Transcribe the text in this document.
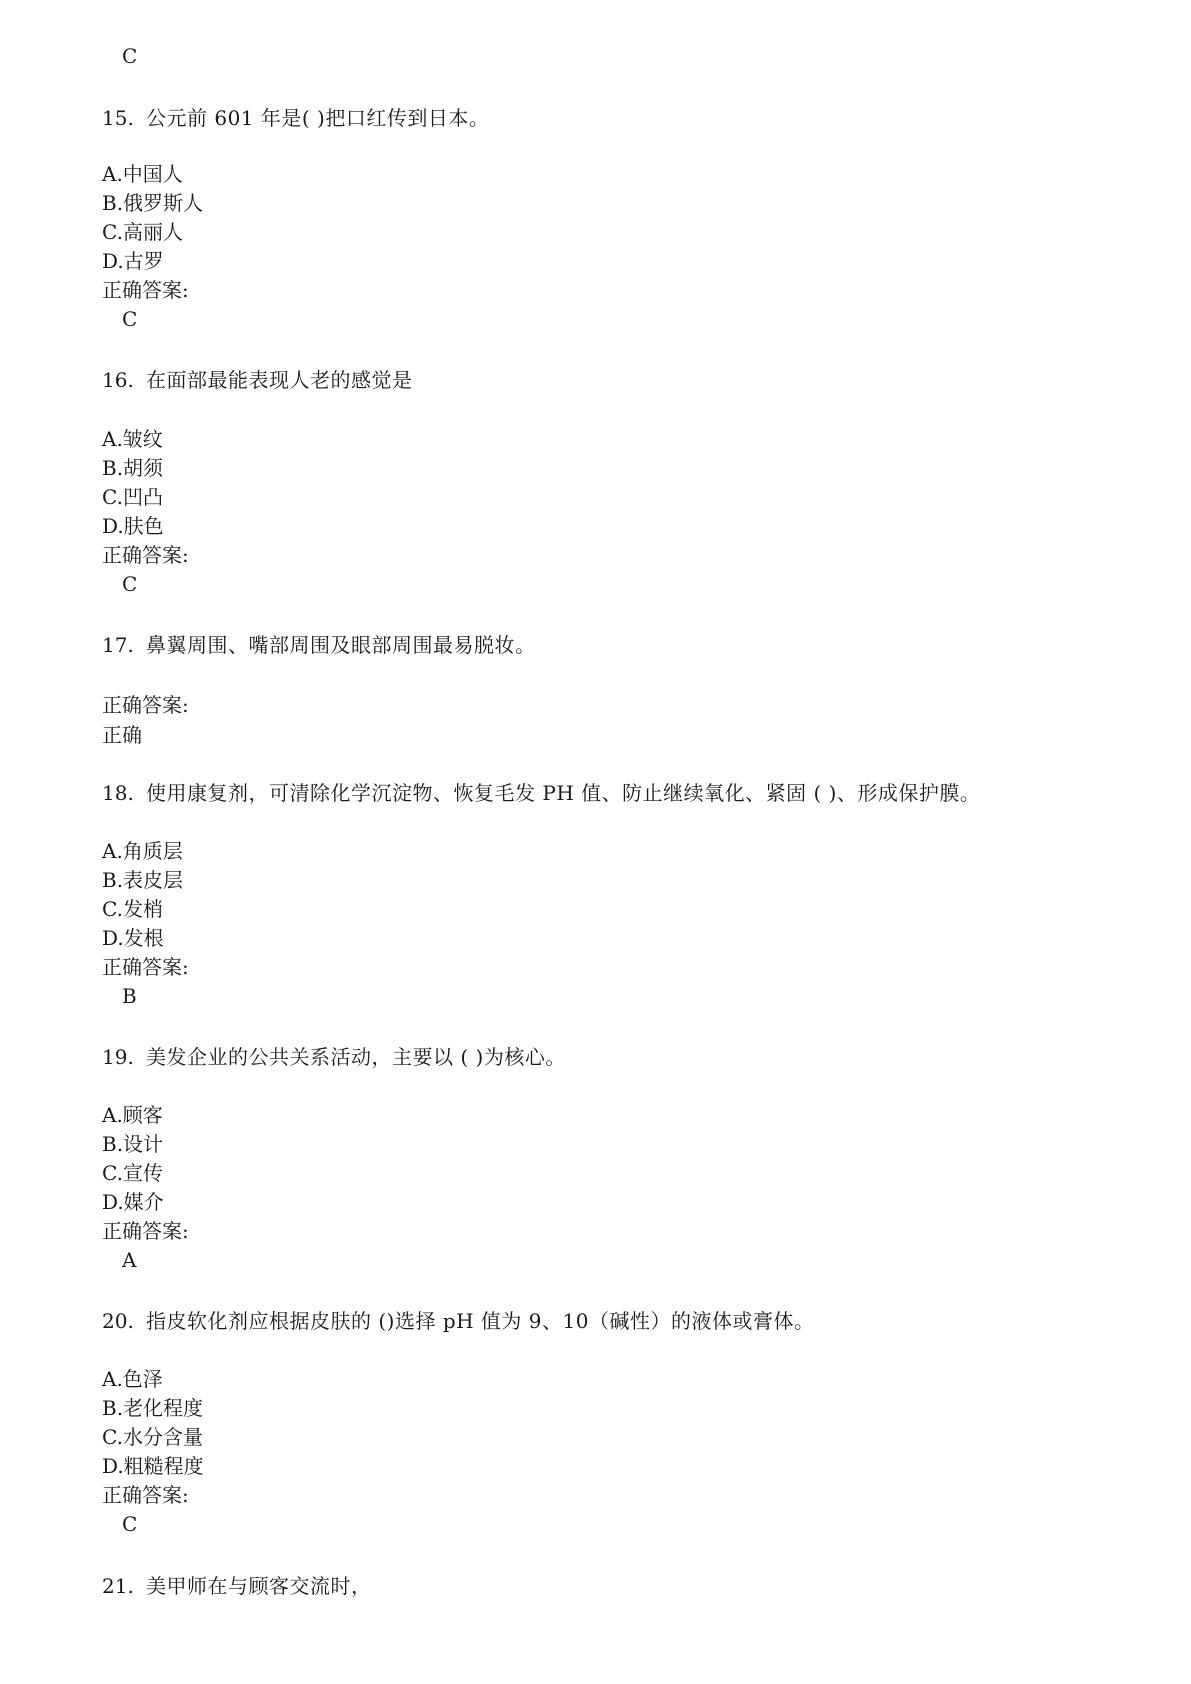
C
15. 公元前 601 年是( )把口红传到日本。
A.中国人
B.俄罗斯人
C.高丽人
D.古罗
正确答案:
C
16. 在面部最能表现人老的感觉是
A.皱纹
B.胡须
C.凹凸
D.肤色
正确答案:
C
17. 鼻翼周围、嘴部周围及眼部周围最易脱妆。
正确答案:
正确
18. 使用康复剂，可清除化学沉淀物、恢复毛发 PH 值、防止继续氧化、紧固 ( )、形成保护膜。
A.角质层
B.表皮层
C.发梢
D.发根
正确答案:
B
19. 美发企业的公共关系活动，主要以 ( )为核心。
A.顾客
B.设计
C.宣传
D.媒介
正确答案:
A
20. 指皮软化剂应根据皮肤的 ()选择 pH 值为 9、10（碱性）的液体或膏体。
A.色泽
B.老化程度
C.水分含量
D.粗糙程度
正确答案:
C
21. 美甲师在与顾客交流时，
